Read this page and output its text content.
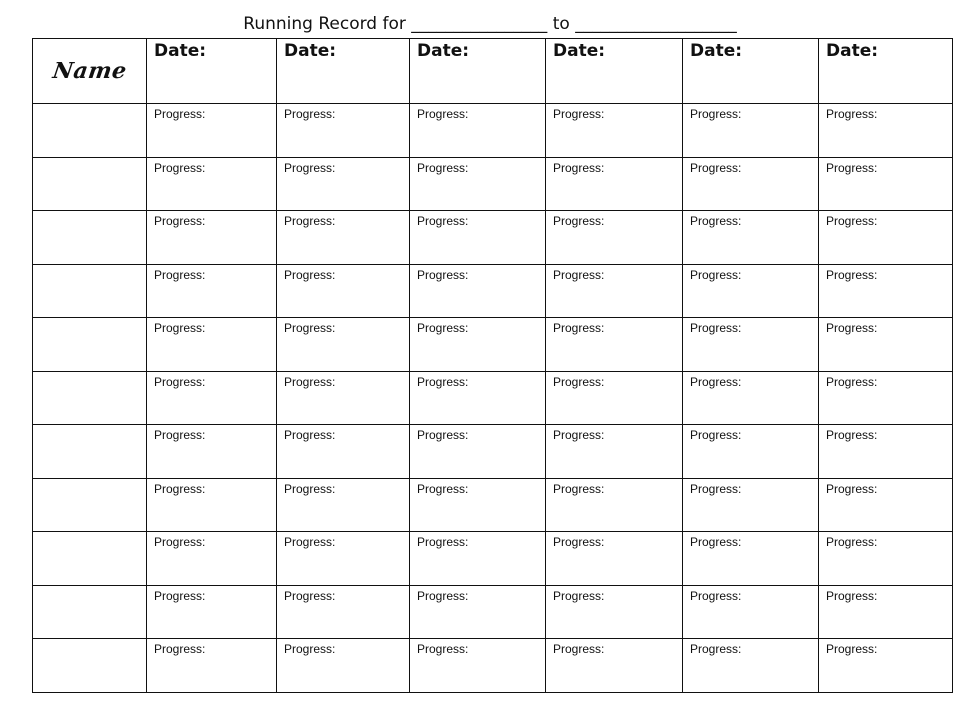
Running Record for ________________ to ___________________
Name	Date:	Date:	Date:	Date:	Date:	Date:

	Progress:	Progress:	Progress:	Progress:	Progress:	Progress:

	Progress:	Progress:	Progress:	Progress:	Progress:	Progress:

	Progress:	Progress:	Progress:	Progress:	Progress:	Progress:

	Progress:	Progress:	Progress:	Progress:	Progress:	Progress:

	Progress:	Progress:	Progress:	Progress:	Progress:	Progress:

	Progress:	Progress:	Progress:	Progress:	Progress:	Progress:

	Progress:	Progress:	Progress:	Progress:	Progress:	Progress:

	Progress:	Progress:	Progress:	Progress:	Progress:	Progress:

	Progress:	Progress:	Progress:	Progress:	Progress:	Progress:

	Progress:	Progress:	Progress:	Progress:	Progress:	Progress:

	Progress:	Progress:	Progress:	Progress:	Progress:	Progress:
